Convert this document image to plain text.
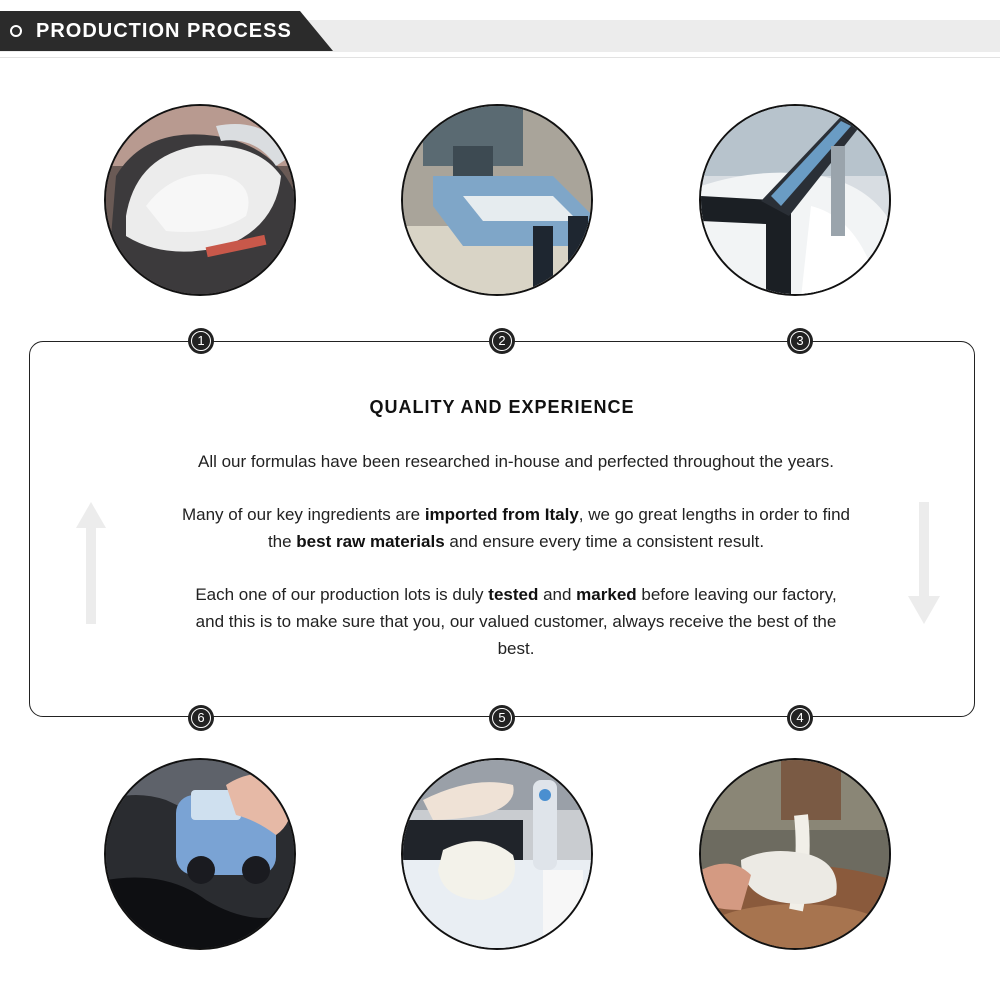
PRODUCTION PROCESS
1	2	3
6	5	4
QUALITY AND EXPERIENCE
All our formulas have been researched in-house and perfected throughout the years.
Many of our key ingredients are imported from Italy, we go great lengths in order to find
the best raw materials and ensure every time a consistent result.
Each one of our production lots is duly tested and marked before leaving our factory,
and this is to make sure that you, our valued customer, always receive the best of the
best.
